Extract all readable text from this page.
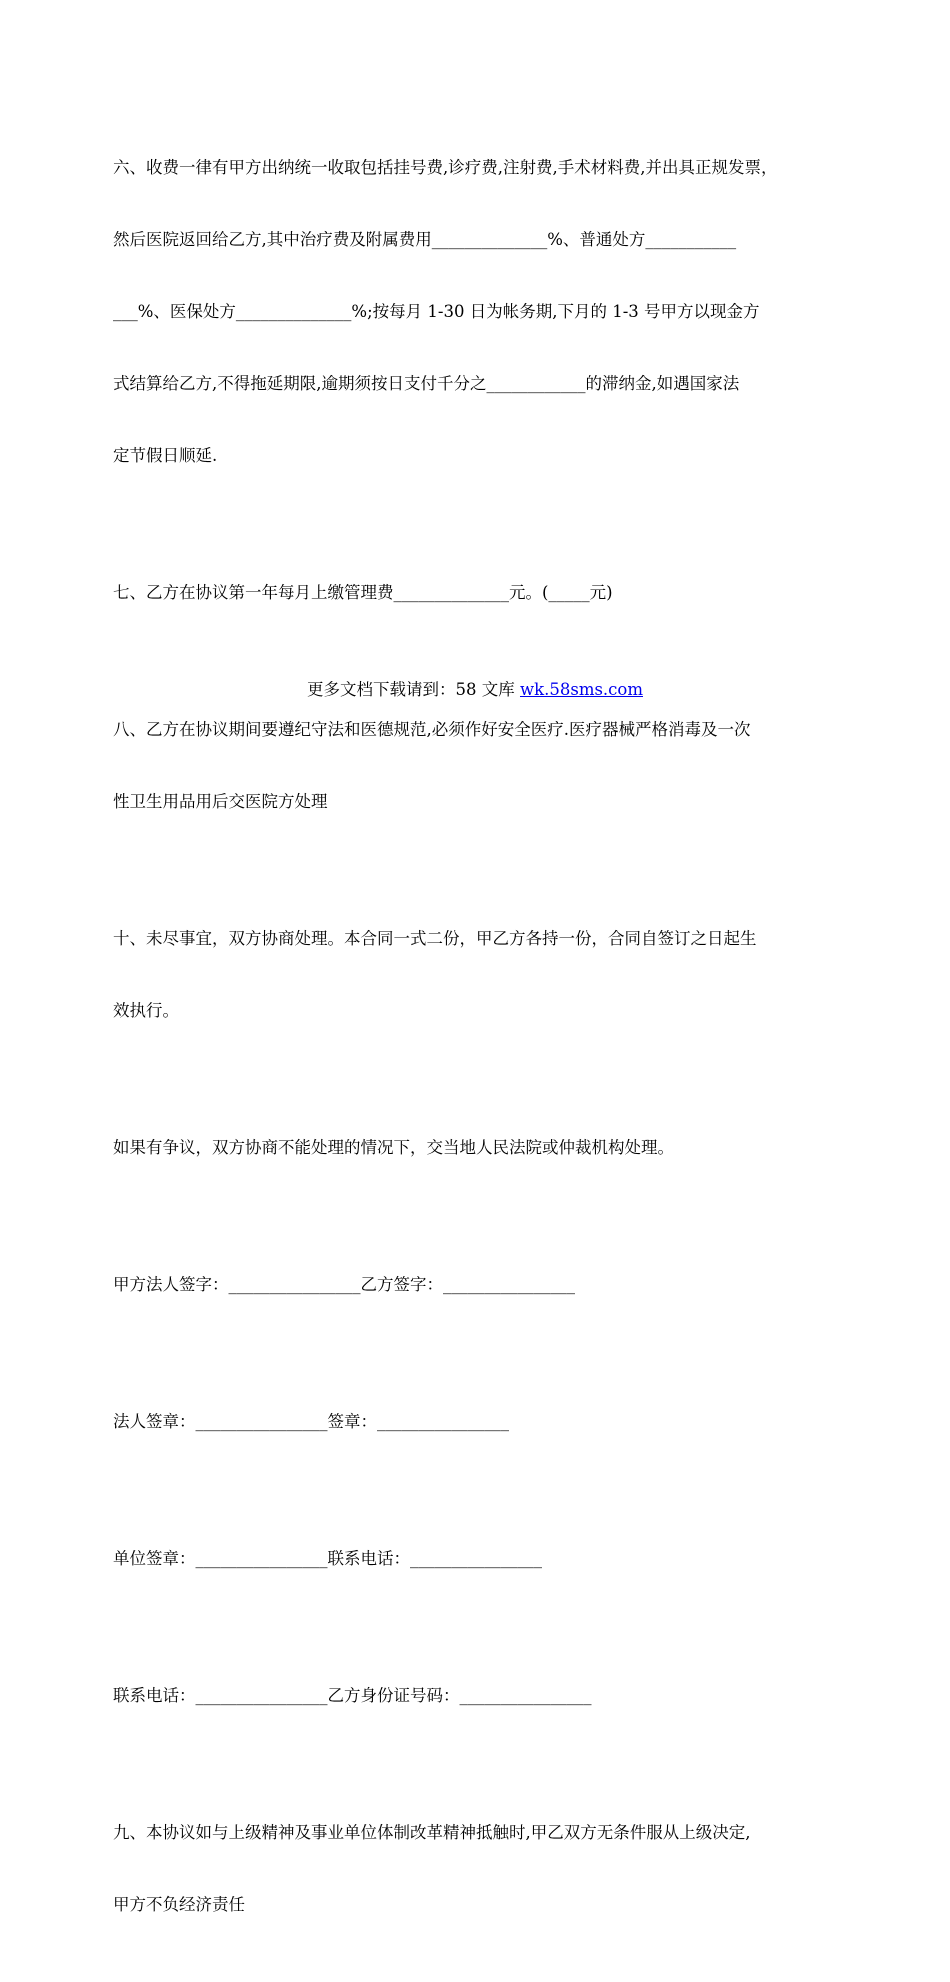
六、收费一律有甲方出纳统一收取包括挂号费,诊疗费,注射费,手术材料费,并出具正规发票，

然后医院返回给乙方,其中治疗费及附属费用______________%、普通处方___________

___%、医保处方______________%;按每月 1-30 日为帐务期,下月的 1-3 号甲方以现金方

式结算给乙方,不得拖延期限,逾期须按日支付千分之____________的滞纳金,如遇国家法

定节假日顺延.

七、乙方在协议第一年每月上缴管理费______________元。(_____元)

八、乙方在协议期间要遵纪守法和医德规范,必须作好安全医疗.医疗器械严格消毒及一次

性卫生用品用后交医院方处理

十、未尽事宜，双方协商处理。本合同一式二份，甲乙方各持一份，合同自签订之日起生

效执行。

如果有争议，双方协商不能处理的情况下，交当地人民法院或仲裁机构处理。

甲方法人签字：________________乙方签字：________________

法人签章：________________签章：________________

单位签章：________________联系电话：________________

联系电话：________________乙方身份证号码：________________

九、本协议如与上级精神及事业单位体制改革精神抵触时,甲乙双方无条件服从上级决定,

甲方不负经济责任

更多文档下载请到：58 文库 wk.58sms.com
